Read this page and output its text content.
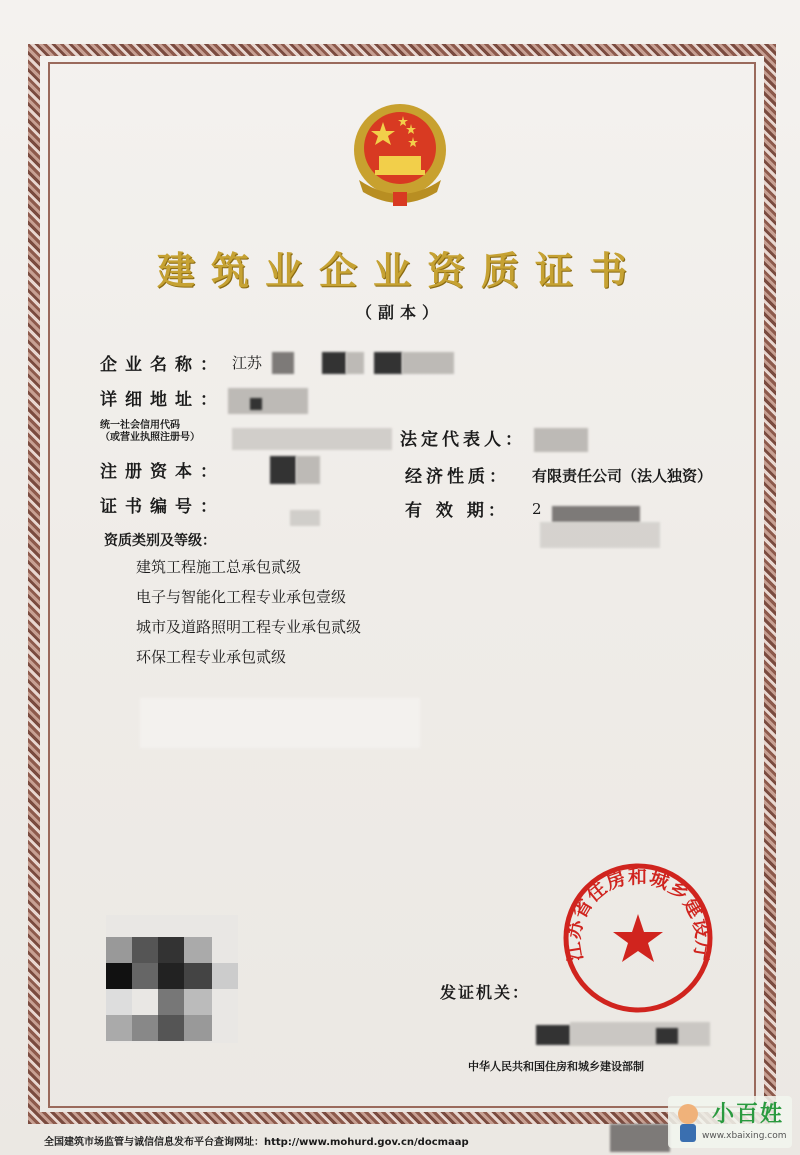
建筑业企业资质证书
（副本）
企业名称： 江苏
详细地址：
统一社会信用代码
（或营业执照注册号）	法定代表人：
注册资本：	经济性质： 有限责任公司（法人独资）
证书编号：	有 效 期： 2
资质类别及等级：
建筑工程施工总承包贰级
电子与智能化工程专业承包壹级
城市及道路照明工程专业承包贰级
环保工程专业承包贰级
江苏省住房和城乡建设厅
发证机关：
中华人民共和国住房和城乡建设部制
全国建筑市场监管与诚信信息发布平台查询网址：http://www.mohurd.gov.cn/docmaap
小百姓
www.xbaixing.com
